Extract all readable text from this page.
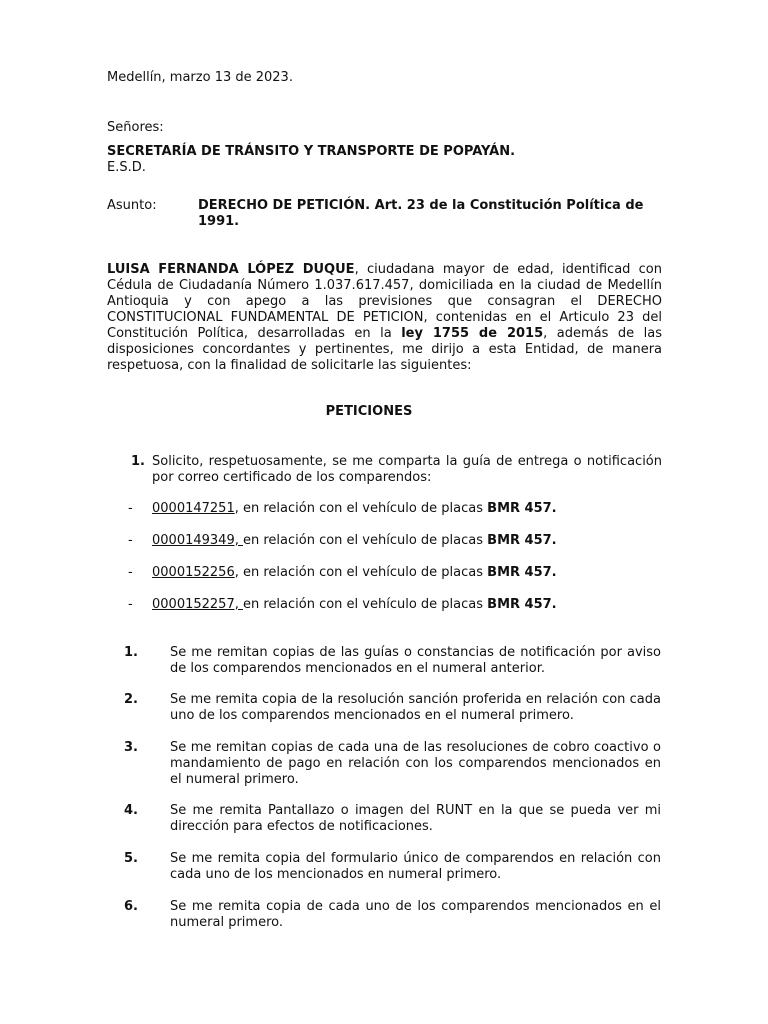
Medellín, marzo 13 de 2023.
Señores:
SECRETARÍA DE TRÁNSITO Y TRANSPORTE DE POPAYÁN.
E.S.D.
Asunto:	DERECHO DE PETICIÓN. Art. 23 de la Constitución Política de 1991.
LUISA FERNANDA LÓPEZ DUQUE, ciudadana mayor de edad, identificad con Cédula de Ciudadanía Número 1.037.617.457, domiciliada en la ciudad de Medellín Antioquia y con apego a las previsiones que consagran el DERECHO CONSTITUCIONAL FUNDAMENTAL DE PETICION, contenidas en el Articulo 23 del Constitución Política, desarrolladas en la ley 1755 de 2015, además de las disposiciones concordantes y pertinentes, me dirijo a esta Entidad, de manera respetuosa, con la finalidad de solicitarle las siguientes:
PETICIONES
1. Solicito, respetuosamente, se me comparta la guía de entrega o notificación por correo certificado de los comparendos:
- 0000147251, en relación con el vehículo de placas BMR 457.
- 0000149349, en relación con el vehículo de placas BMR 457.
- 0000152256, en relación con el vehículo de placas BMR 457.
- 0000152257, en relación con el vehículo de placas BMR 457.
1. Se me remitan copias de las guías o constancias de notificación por aviso de los comparendos mencionados en el numeral anterior.
2. Se me remita copia de la resolución sanción proferida en relación con cada uno de los comparendos mencionados en el numeral primero.
3. Se me remitan copias de cada una de las resoluciones de cobro coactivo o mandamiento de pago en relación con los comparendos mencionados en el numeral primero.
4. Se me remita Pantallazo o imagen del RUNT en la que se pueda ver mi dirección para efectos de notificaciones.
5. Se me remita copia del formulario único de comparendos en relación con cada uno de los mencionados en numeral primero.
6. Se me remita copia de cada uno de los comparendos mencionados en el numeral primero.
